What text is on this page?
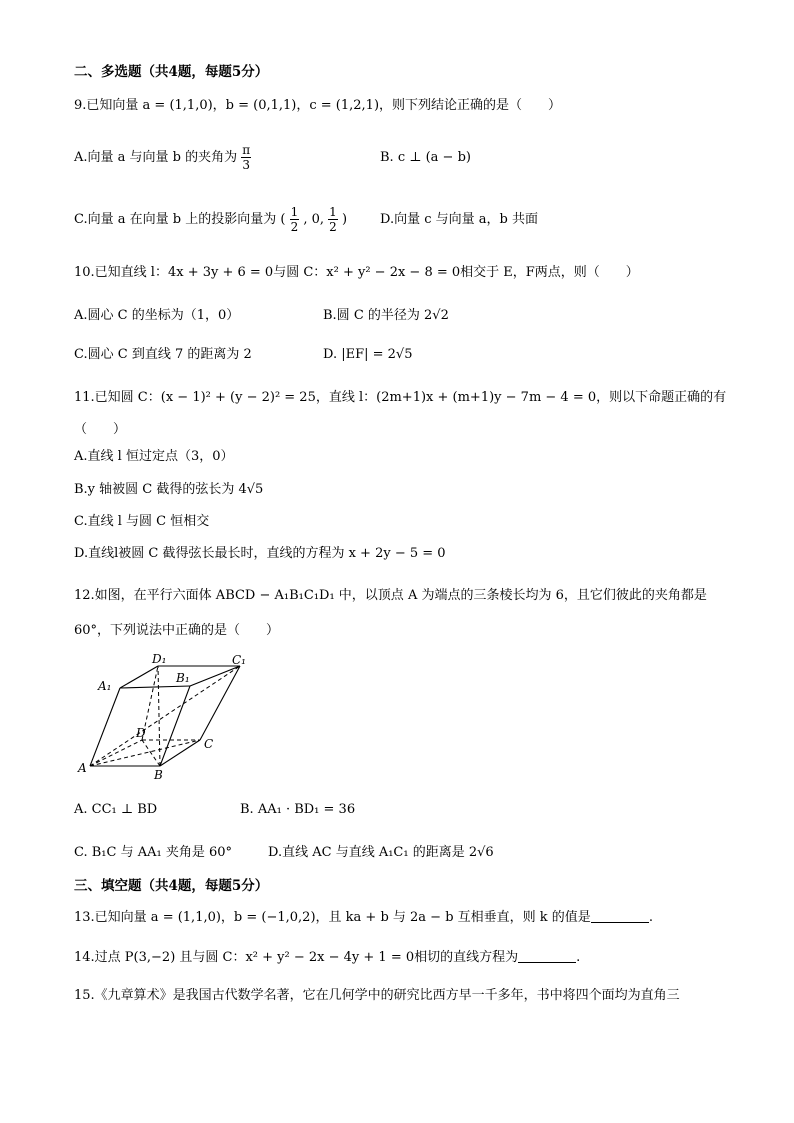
二、多选题（共4题，每题5分）
9.已知向量 a = (1,1,0)，b = (0,1,1)，c = (1,2,1)，则下列结论正确的是（　　）
A.向量 a 与向量 b 的夹角为 $\frac{\pi}{3}$	B. c ⊥ (a − b)
C.向量 a 在向量 b 上的投影向量为 ( $\frac{1}{2}$ , 0, $\frac{1}{2}$ )	D.向量 c 与向量 a，b 共面
10.已知直线 l：4x + 3y + 6 = 0与圆 C：x² + y² − 2x − 8 = 0相交于 E，F两点，则（　　）
A.圆心 C 的坐标为（1，0）	B.圆 C 的半径为 2√2
C.圆心 C 到直线 7 的距离为 2	D. |EF| = 2√5
11.已知圆 C：(x − 1)² + (y − 2)² = 25，直线 l：(2m+1)x + (m+1)y − 7m − 4 = 0，则以下命题正确的有
（　　）
A.直线 l 恒过定点（3，0）
B.y 轴被圆 C 截得的弦长为 4√5
C.直线 l 与圆 C 恒相交
D.直线l被圆 C 截得弦长最长时，直线的方程为 x + 2y − 5 = 0
12.如图，在平行六面体 ABCD − A₁B₁C₁D₁ 中，以顶点 A 为端点的三条棱长均为 6，且它们彼此的夹角都是
60°，下列说法中正确的是（　　）
A	B
C
D
A₁
B₁
C₁
D₁
A. CC₁ ⊥ BD	B. AA₁ · BD₁ = 36
C. B₁C 与 AA₁ 夹角是 60°	D.直线 AC 与直线 A₁C₁ 的距离是 2√6
三、填空题（共4题，每题5分）
13.已知向量 a = (1,1,0)，b = (−1,0,2)，且 ka + b 与 2a − b 互相垂直，则 k 的值是	.
14.过点 P(3,−2) 且与圆 C：x² + y² − 2x − 4y + 1 = 0相切的直线方程为	.
15.《九章算术》是我国古代数学名著，它在几何学中的研究比西方早一千多年，书中将四个面均为直角三
